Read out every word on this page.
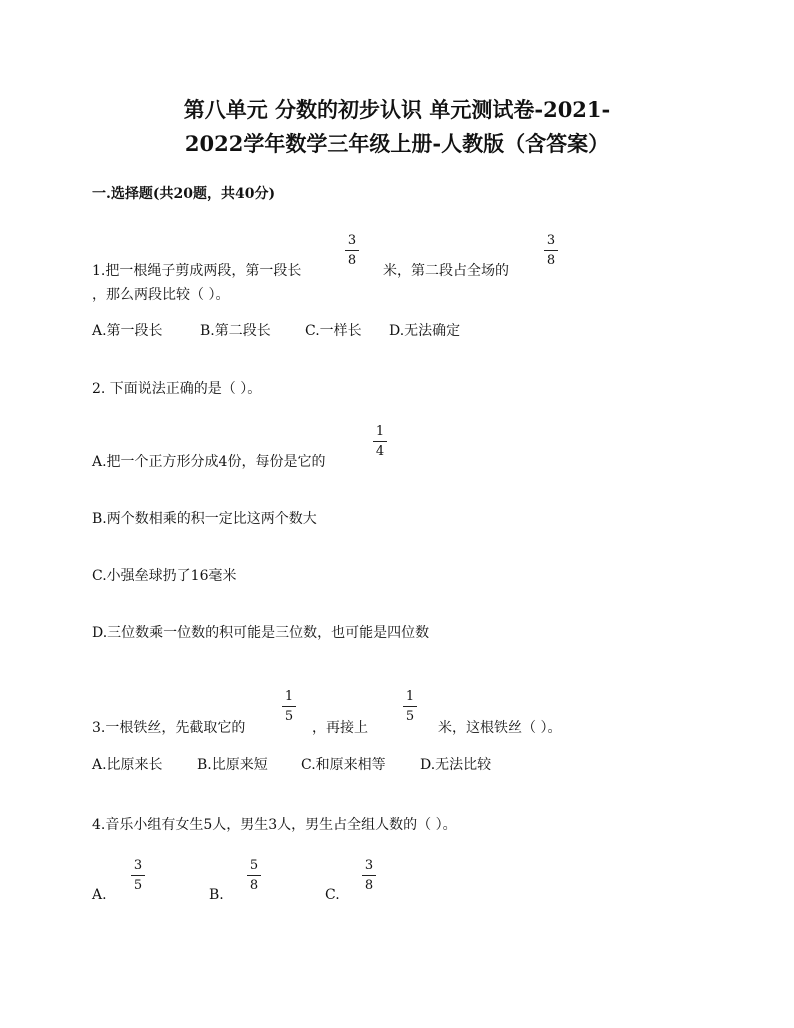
第八单元 分数的初步认识 单元测试卷-2021-
2022学年数学三年级上册-人教版（含答案）
一.选择题(共20题，共40分)
1.把一根绳子剪成两段，第一段长
3
8
米，第二段占全场的
3
8
，那么两段比较（ ）。
A.第一段长	B.第二段长 C.一样长 D.无法确定
2. 下面说法正确的是（ ）。
A.把一个正方形分成4份，每份是它的
1
4
B.两个数相乘的积一定比这两个数大
C.小强垒球扔了16毫米
D.三位数乘一位数的积可能是三位数，也可能是四位数
3.一根铁丝，先截取它的
1
5
，再接上
1
5
米，这根铁丝（ ）。
A.比原来长 B.比原来短 C.和原来相等 D.无法比较
4.音乐小组有女生5人，男生3人，男生占全组人数的（ ）。
A.
3
5
B.
5
8
C.
3
8
